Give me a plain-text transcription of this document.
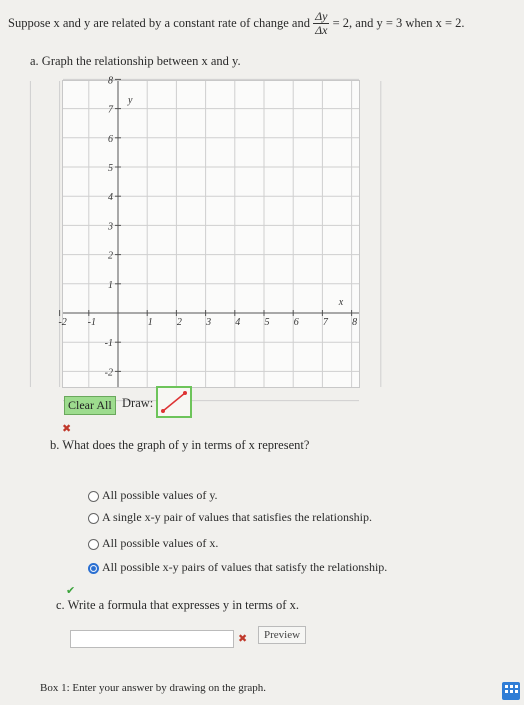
Suppose x and y are related by a constant rate of change and $\frac{\Delta y}{\Delta x} = 2$, and y = 3 when x = 2.
a. Graph the relationship between x and y.
-2 -1	1 2 3 4 5 6 7 8
8
7
6
5
4
3
2
1
-1
-2
y
x
Clear All Draw:
✖
b. What does the graph of y in terms of x represent?
All possible values of y.
A single x-y pair of values that satisfies the relationship.
All possible values of x.
All possible x-y pairs of values that satisfy the relationship.
✔
c. Write a formula that expresses y in terms of x.
✖	Preview
Box 1: Enter your answer by drawing on the graph.
